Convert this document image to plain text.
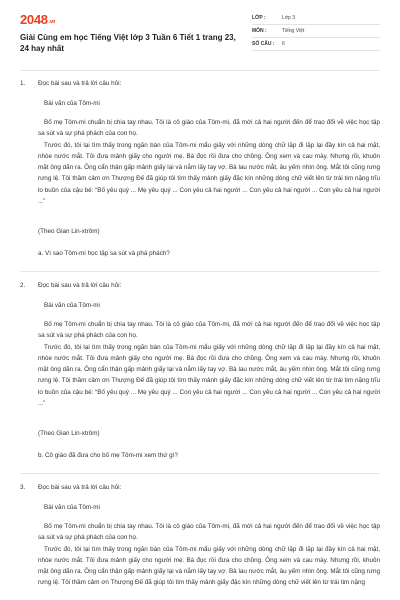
$2048^{.vn}$
Giải Cùng em học Tiếng Việt lớp 3 Tuần 6 Tiết 1 trang 23, 24 hay nhất
LỚP :	Lớp 3
MÔN :	Tiếng Việt
SỐ CÂU :	6
1. Đọc bài sau và trả lời câu hỏi:
Bài văn của Tôm-mi

Bố mẹ Tôm-mi chuẩn bị chia tay nhau. Tôi là cô giáo của Tôm-mi, đã mời cả hai người đến để trao đổi về việc học tập sa sút và sự phá phách của con họ.

Trước đó, tôi lại tìm thấy trong ngăn bàn của Tôm-mi mẩu giấy với những dòng chữ lặp đi lặp lại đầy kín cả hai mặt, nhòe nước mắt. Tôi đưa mảnh giấy cho người mẹ. Bà đọc rồi đưa cho chồng. Ông xem và cau mày. Nhưng rồi, khuôn mặt ông dãn ra. Ông cẩn thận gấp mảnh giấy lại và nắm lấy tay vợ. Bà lau nước mắt, âu yếm nhìn ông. Mắt tôi cũng rưng rưng lệ. Tôi thầm cảm ơn Thượng Đế đã giúp tôi tìm thấy mảnh giấy đặc kín những dòng chữ viết lên từ trái tim nặng trĩu lo buồn của cậu bé: “Bố yêu quý ... Mẹ yêu quý ... Con yêu cả hai người ... Con yêu cả hai người ... Con yêu cả hai người ...”

(Theo Gian Lin-xtrôm)
a. Vì sao Tôm-mi học tập sa sút và phá phách?
2. Đọc bài sau và trả lời câu hỏi:
Bài văn của Tôm-mi

Bố mẹ Tôm-mi chuẩn bị chia tay nhau. Tôi là cô giáo của Tôm-mi, đã mời cả hai người đến để trao đổi về việc học tập sa sút và sự phá phách của con họ.

Trước đó, tôi lại tìm thấy trong ngăn bàn của Tôm-mi mẩu giấy với những dòng chữ lặp đi lặp lại đầy kín cả hai mặt, nhòe nước mắt. Tôi đưa mảnh giấy cho người mẹ. Bà đọc rồi đưa cho chồng. Ông xem và cau mày. Nhưng rồi, khuôn mặt ông dãn ra. Ông cẩn thận gấp mảnh giấy lại và nắm lấy tay vợ. Bà lau nước mắt, âu yếm nhìn ông. Mắt tôi cũng rưng rưng lệ. Tôi thầm cảm ơn Thượng Đế đã giúp tôi tìm thấy mảnh giấy đặc kín những dòng chữ viết lên từ trái tim nặng trĩu lo buồn của cậu bé: “Bố yêu quý ... Mẹ yêu quý ... Con yêu cả hai người ... Con yêu cả hai người ... Con yêu cả hai người ...”

(Theo Gian Lin-xtrôm)
b. Cô giáo đã đưa cho bố mẹ Tôm-mi xem thứ gì?
3. Đọc bài sau và trả lời câu hỏi:
Bài văn của Tôm-mi

Bố mẹ Tôm-mi chuẩn bị chia tay nhau. Tôi là cô giáo của Tôm-mi, đã mời cả hai người đến để trao đổi về việc học tập sa sút và sự phá phách của con họ.

Trước đó, tôi lại tìm thấy trong ngăn bàn của Tôm-mi mẩu giấy với những dòng chữ lặp đi lặp lại đầy kín cả hai mặt, nhòe nước mắt. Tôi đưa mảnh giấy cho người mẹ. Bà đọc rồi đưa cho chồng. Ông xem và cau mày. Nhưng rồi, khuôn mặt ông dãn ra. Ông cẩn thận gấp mảnh giấy lại và nắm lấy tay vợ. Bà lau nước mắt, âu yếm nhìn ông. Mắt tôi cũng rưng rưng lệ. Tôi thầm cảm ơn Thượng Đế đã giúp tôi tìm thấy mảnh giấy đặc kín những dòng chữ viết lên từ trái tim nặng
